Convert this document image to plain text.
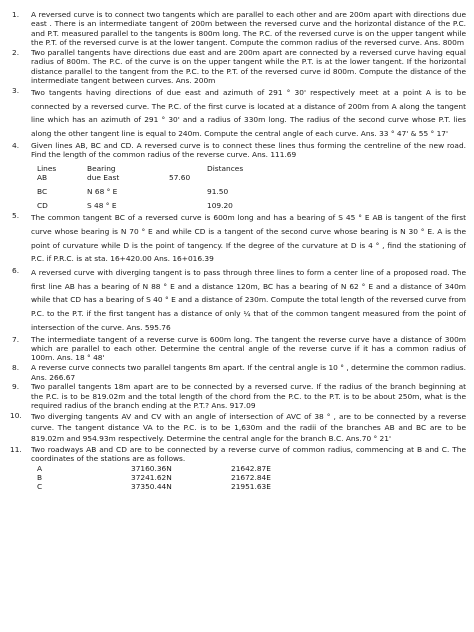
1.	A reversed curve is to connect two tangents which are parallel to each other and are 200m apart with directions due east . There is an intermediate tangent of 200m between the reversed curve and the horizontal distance of the P.C. and P.T. measured parallel to the tangents is 800m long. The P.C. of the reversed curve is on the upper tangent while the P.T. of the reversed curve is at the lower tangent. Compute the common radius of the reversed curve. Ans. 800m
2.	Two parallel tangents have directions due east and are 200m apart are connected by a reversed curve having equal radius of 800m. The P.C. of the curve is on the upper tangent while the P.T. is at the lower tangent. If the horizontal distance parallel to the tangent from the P.C. to the P.T. of the reversed curve id 800m. Compute the distance of the intermediate tangent between curves. Ans. 200m
3.	Two tangents having directions of due east and azimuth of 291 ° 30' respectively meet at a point A is to be connected by a reversed curve. The P.C. of the first curve is located at a distance of 200m from A along the tangent line which has an azimuth of 291 ° 30' and a radius of 330m long. The radius of the second curve whose P.T. lies along the other tangent line is equal to 240m. Compute the central angle of each curve. Ans. 33 ° 47' & 55 ° 17'
4.	Given lines AB, BC and CD. A reversed curve is to connect these lines thus forming the centreline of the new road. Find the length of the common radius of the reverse curve. Ans. 111.69
Lines	Bearing	Distances
AB	due East	57.60
BC	N 68 ° E	91.50
CD	S 48 ° E	109.20
5.	The common tangent BC of a reversed curve is 600m long and has a bearing of S 45 ° E AB is tangent of the first curve whose bearing is N 70 ° E and while CD is a tangent of the second curve whose bearing is N 30 ° E. A is the point of curvature while D is the point of tangency. If the degree of the curvature at D is 4 ° , find the stationing of P.C. if P.R.C. is at sta. 16+420.00 Ans. 16+016.39
6.	A reversed curve with diverging tangent is to pass through three lines to form a center line of a proposed road. The first line AB has a bearing of N 88 ° E and a distance 120m, BC has a bearing of N 62 ° E and a distance of 340m while that CD has a bearing of S 40 ° E and a distance of 230m. Compute the total length of the reversed curve from P.C. to the P.T. if the first tangent has a distance of only ¼ that of the common tangent measured from the point of intersection of the curve. Ans. 595.76
7.	The intermediate tangent of a reverse curve is 600m long. The tangent the reverse curve have a distance of 300m which are parallel to each other. Determine the central angle of the reverse curve if it has a common radius of 100m. Ans. 18 ° 48'
8.	A reverse curve connects two parallel tangents 8m apart. If the central angle is 10 ° , determine the common radius. Ans. 266.67
9.	Two parallel tangents 18m apart are to be connected by a reversed curve. If the radius of the branch beginning at the P.C. is to be 819.02m and the total length of the chord from the P.C. to the P.T. is to be about 250m, what is the required radius of the branch ending at the P.T.? Ans. 917.09
10.	Two diverging tangents AV and CV with an angle of intersection of AVC of 38 ° , are to be connected by a reverse curve. The tangent distance VA to the P.C. is to be 1,630m and the radii of the branches AB and BC are to be 819.02m and 954.93m respectively. Determine the central angle for the branch B.C. Ans.70 ° 21'
11.	Two roadways AB and CD are to be connected by a reverse curve of common radius, commencing at B and C. The coordinates of the stations are as follows.
A	37160.36N	21642.87E
B	37241.62N	21672.84E
C	37350.44N	21951.63E
